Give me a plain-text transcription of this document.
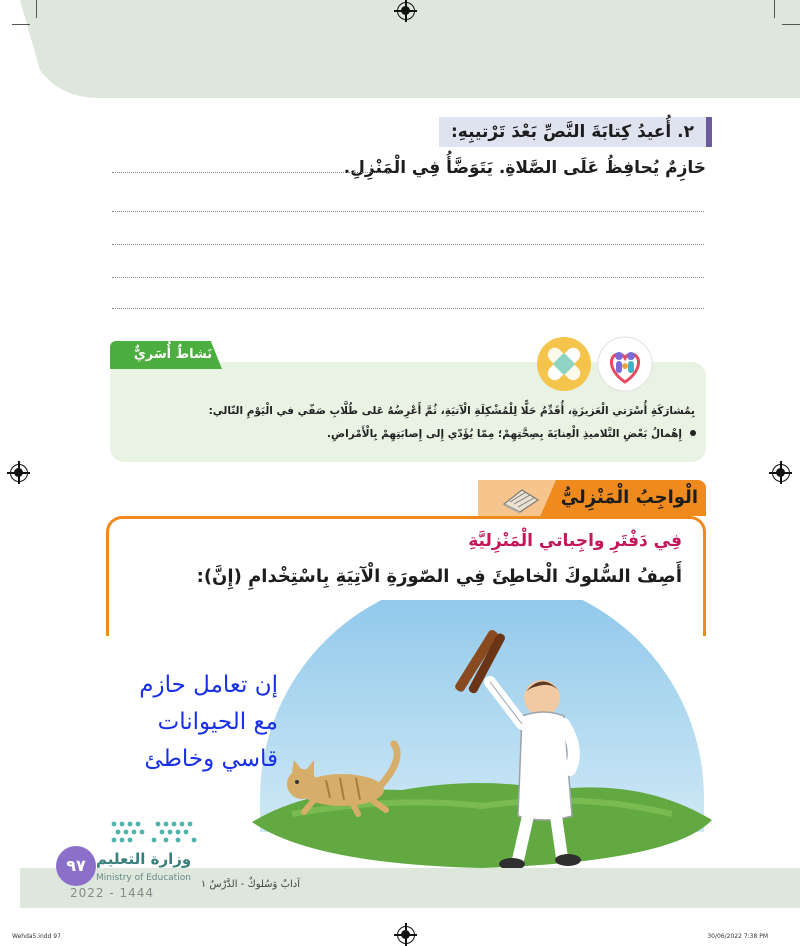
٢. أُعيدُ كِتابَةَ النَّصِّ بَعْدَ تَرْتيبِهِ:
حَازِمٌ يُحافِظُ عَلَى الصَّلاةِ. يَتَوَضَّأُ فِي الْمَنْزِلِ.
نَشاطٌ أُسَريٌّ
بِمُشارَكَةِ أُسْرَتي الْعَزيزَةِ، أُقَدِّمُ حَلًّا لِلْمُشْكِلَةِ الْآتيَةِ، ثُمَّ أَعْرِضُهُ عَلى طُلَّابِ صَفّي في الْيَوْمِ التّالي:
إِهْمالُ بَعْضِ التَّلاميذِ الْعِنايَةَ بِصِحَّتِهِمْ؛ مِمّا يُؤَدّي إِلى إِصابَتِهِمْ بِالْأَمْراضِ.
الْواجِبُ الْمَنْزِليُّ
فِي دَفْتَرِ واجِباتي الْمَنْزِليَّةِ
أَصِفُ السُّلوكَ الْخاطِئَ فِي الصّورَةِ الْآتِيَةِ بِاسْتِخْدامِ (إِنَّ):
إن تعامل حازم
مع الحيوانات
قاسي وخاطئ
٩٧ وزارة التعليم
Ministry of Education
2022 - 1444
آدابٌ وَسُلوكٌ - الدَّرْسُ ١
Wehda5.indd 97	30/06/2022 7:38 PM
